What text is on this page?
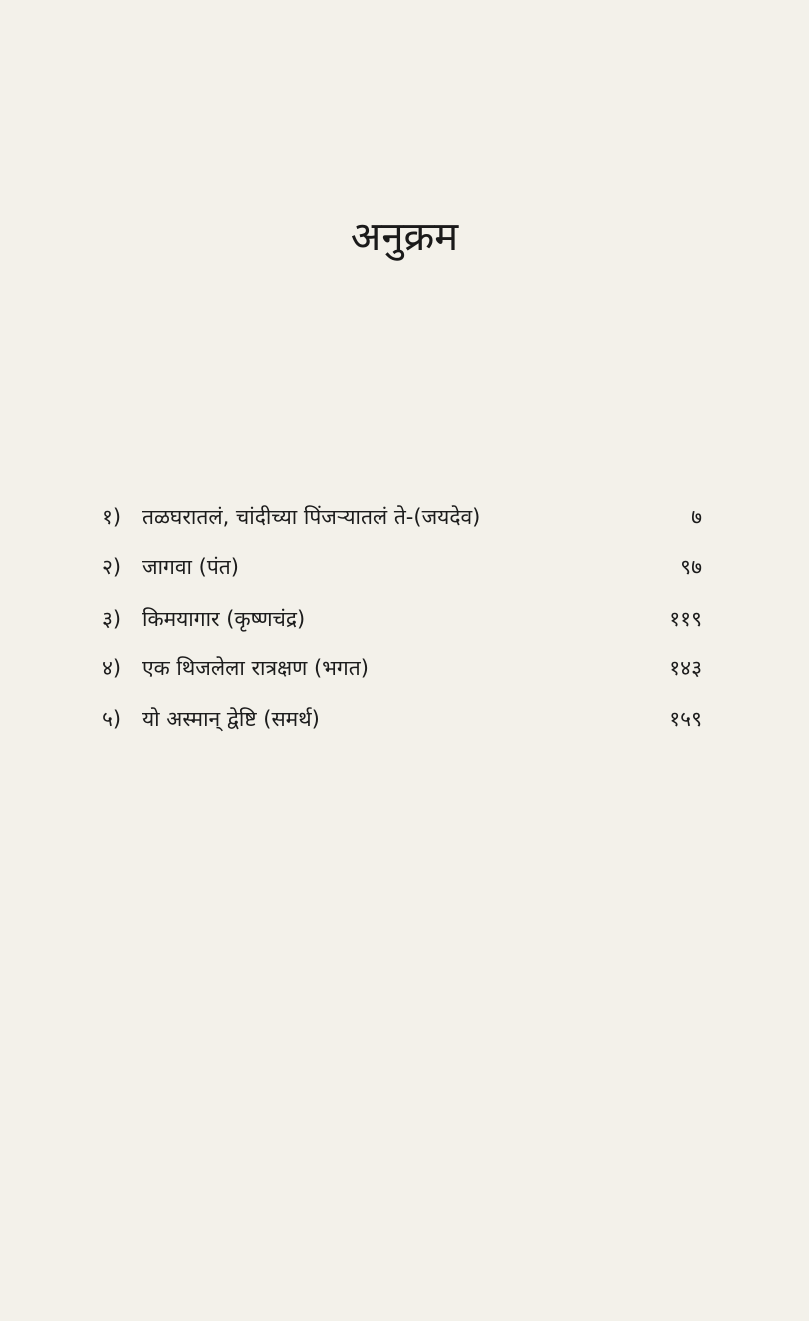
अनुक्रम
१) तळघरातलं, चांदीच्या पिंजऱ्यातलं ते-(जयदेव)	७
२) जागवा (पंत)	९७
३) किमयागार (कृष्णचंद्र)	११९
४) एक थिजलेला रात्रक्षण (भगत)	१४३
५) यो अस्मान् द्वेष्टि (समर्थ)	१५९
